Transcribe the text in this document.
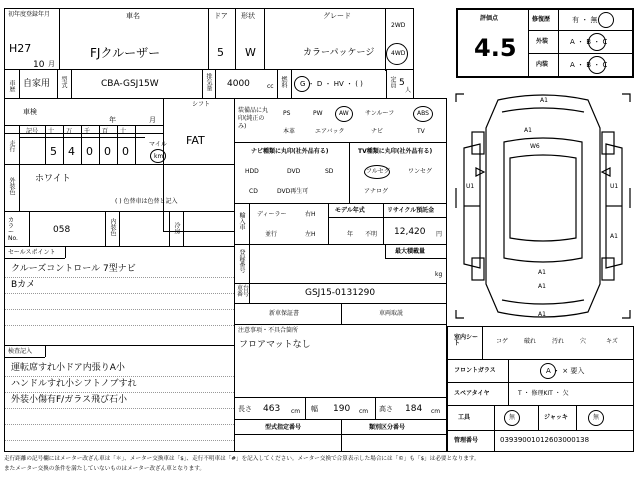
初年度登録年月
H27
10 月
車名
FJクルーザー
ドア
5
形状
W
グレード
カラーパッケージ
2WD
4WD
車歴 自家用 型式	CBA-GSJ15W	排気量 4000	cc 燃料 G ・ D ・ HV ・ ( )	定員 5
人
車検
年	月
シフト
FAT
走行
記号 十 万 千 百 十
5 4 0 0 0
マイル
km
外装色 ホワイト
( ) 色替車は色替と記入
カラーNo.
058	内装色	冷房
セールスポイント
クルーズコントロール 7型ナビ
Bカメ
検査記入
運転席すれ小ドア内張りA小
ハンドルすれ小シフトノブすれ
外装小傷有F/ガラス飛び石小
装備品に丸印(純正のみ)
PS	PW	AW	サンルーフ	ABS
本革	エアバック	ナビ	TV
ナビ種類に丸印(社外品有る)
HDD	DVD	SD
CD	DVD再生可
TV種類に丸印(社外品有る)
フルセグ	ワンセグ
アナログ
輸入車 ディーラー
並行
右H
左H
モデル年式
年 不明
リサイクル預託金
12,420 円
登録番号	最大積載量
kg
車台番号	GSJ15-0131290
新車保証書	車両取説
注意事項・不具合箇所
フロアマットなし
長さ 463 cm 幅 190 cm 高さ 184 cm
型式指定番号	類別区分番号
評価点
4.5
修復歴	有 ・ 無
外装	A ・ B ・ C
内装	A ・ B ・ C
A1
A1
U1	U1
W6
A1
A1
A1
A1
室内シート	コゲ	破れ	汚れ	穴	キズ
フロントガラス	A ・ × 要入
スペアタイヤ	T ・ 修理KIT ・ 欠
工具	無	ジャッキ	無
管理番号	03939001012603000138
走行距離の記号欄にはメーター改ざん車は「＊」、メーター交換車は「$」、走行不明車は「#」を記入してください。メーター交換で合算表示した場合には「©」も「$」は必要となります。
またメーター交換の条件を満たしていないものはメーター改ざん車となります。
